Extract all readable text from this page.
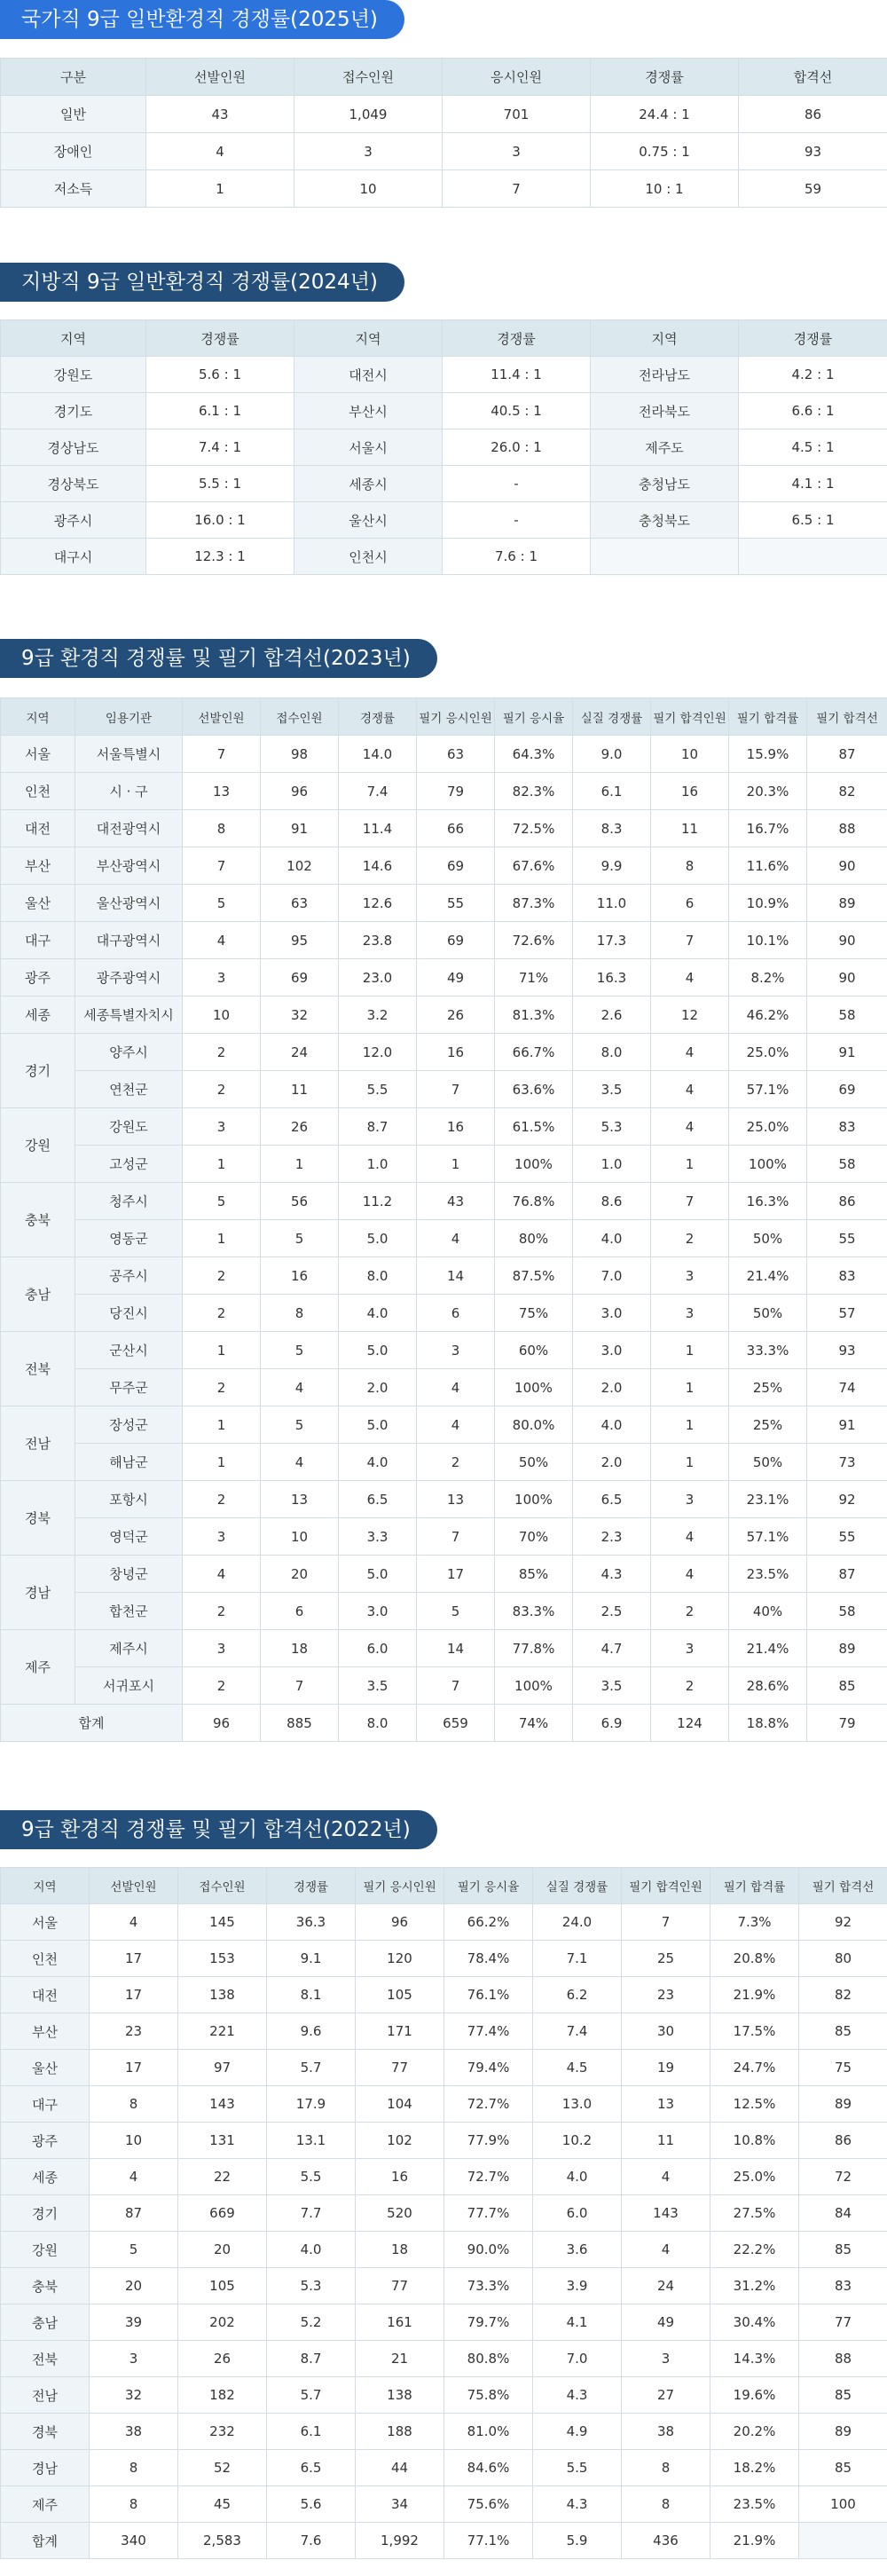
국가직 9급 일반환경직 경쟁률(2025년)
구분	선발인원	접수인원	응시인원	경쟁률	합격선
일반	43	1,049	701	24.4 : 1	86
장애인	4	3	3	0.75 : 1	93
저소득	1	10	7	10 : 1	59
지방직 9급 일반환경직 경쟁률(2024년)
지역	경쟁률	지역	경쟁률	지역	경쟁률
강원도	5.6 : 1	대전시	11.4 : 1	전라남도	4.2 : 1
경기도	6.1 : 1	부산시	40.5 : 1	전라북도	6.6 : 1
경상남도	7.4 : 1	서울시	26.0 : 1	제주도	4.5 : 1
경상북도	5.5 : 1	세종시	-	충청남도	4.1 : 1
광주시	16.0 : 1	울산시	-	충청북도	6.5 : 1
대구시	12.3 : 1	인천시	7.6 : 1		
9급 환경직 경쟁률 및 필기 합격선(2023년)
지역	임용기관	선발인원	접수인원	경쟁률	필기 응시인원	필기 응시율	실질 경쟁률	필기 합격인원	필기 합격률	필기 합격선
서울	서울특별시	7	98	14.0	63	64.3%	9.0	10	15.9%	87
인천	시 · 구	13	96	7.4	79	82.3%	6.1	16	20.3%	82
대전	대전광역시	8	91	11.4	66	72.5%	8.3	11	16.7%	88
부산	부산광역시	7	102	14.6	69	67.6%	9.9	8	11.6%	90
울산	울산광역시	5	63	12.6	55	87.3%	11.0	6	10.9%	89
대구	대구광역시	4	95	23.8	69	72.6%	17.3	7	10.1%	90
광주	광주광역시	3	69	23.0	49	71%	16.3	4	8.2%	90
세종	세종특별자치시	10	32	3.2	26	81.3%	2.6	12	46.2%	58
경기	양주시	2	24	12.0	16	66.7%	8.0	4	25.0%	91
	연천군	2	11	5.5	7	63.6%	3.5	4	57.1%	69
강원	강원도	3	26	8.7	16	61.5%	5.3	4	25.0%	83
	고성군	1	1	1.0	1	100%	1.0	1	100%	58
충북	청주시	5	56	11.2	43	76.8%	8.6	7	16.3%	86
	영동군	1	5	5.0	4	80%	4.0	2	50%	55
충남	공주시	2	16	8.0	14	87.5%	7.0	3	21.4%	83
	당진시	2	8	4.0	6	75%	3.0	3	50%	57
전북	군산시	1	5	5.0	3	60%	3.0	1	33.3%	93
	무주군	2	4	2.0	4	100%	2.0	1	25%	74
전남	장성군	1	5	5.0	4	80.0%	4.0	1	25%	91
	해남군	1	4	4.0	2	50%	2.0	1	50%	73
경북	포항시	2	13	6.5	13	100%	6.5	3	23.1%	92
	영덕군	3	10	3.3	7	70%	2.3	4	57.1%	55
경남	창녕군	4	20	5.0	17	85%	4.3	4	23.5%	87
	합천군	2	6	3.0	5	83.3%	2.5	2	40%	58
제주	제주시	3	18	6.0	14	77.8%	4.7	3	21.4%	89
	서귀포시	2	7	3.5	7	100%	3.5	2	28.6%	85
합계		96	885	8.0	659	74%	6.9	124	18.8%	79
9급 환경직 경쟁률 및 필기 합격선(2022년)
지역	선발인원	접수인원	경쟁률	필기 응시인원	필기 응시율	실질 경쟁률	필기 합격인원	필기 합격률	필기 합격선
서울	4	145	36.3	96	66.2%	24.0	7	7.3%	92
인천	17	153	9.1	120	78.4%	7.1	25	20.8%	80
대전	17	138	8.1	105	76.1%	6.2	23	21.9%	82
부산	23	221	9.6	171	77.4%	7.4	30	17.5%	85
울산	17	97	5.7	77	79.4%	4.5	19	24.7%	75
대구	8	143	17.9	104	72.7%	13.0	13	12.5%	89
광주	10	131	13.1	102	77.9%	10.2	11	10.8%	86
세종	4	22	5.5	16	72.7%	4.0	4	25.0%	72
경기	87	669	7.7	520	77.7%	6.0	143	27.5%	84
강원	5	20	4.0	18	90.0%	3.6	4	22.2%	85
충북	20	105	5.3	77	73.3%	3.9	24	31.2%	83
충남	39	202	5.2	161	79.7%	4.1	49	30.4%	77
전북	3	26	8.7	21	80.8%	7.0	3	14.3%	88
전남	32	182	5.7	138	75.8%	4.3	27	19.6%	85
경북	38	232	6.1	188	81.0%	4.9	38	20.2%	89
경남	8	52	6.5	44	84.6%	5.5	8	18.2%	85
제주	8	45	5.6	34	75.6%	4.3	8	23.5%	100
합계	340	2,583	7.6	1,992	77.1%	5.9	436	21.9%	
